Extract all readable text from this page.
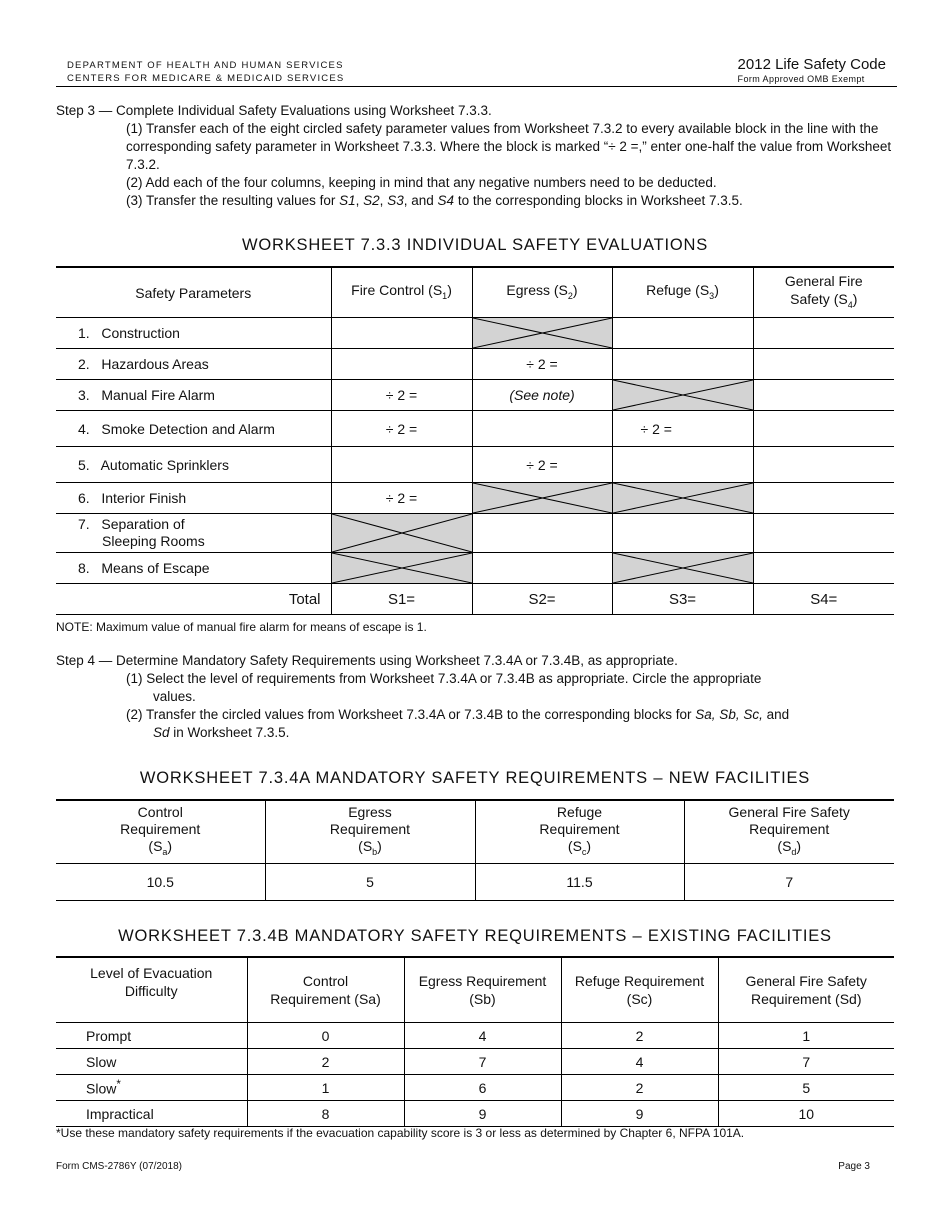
DEPARTMENT OF HEALTH AND HUMAN SERVICES
CENTERS FOR MEDICARE & MEDICAID SERVICES
2012 Life Safety Code
Form Approved OMB Exempt

Step 3 — Complete Individual Safety Evaluations using Worksheet 7.3.3.

(1) Transfer each of the eight circled safety parameter values from Worksheet 7.3.2 to every available block in the line with the corresponding safety parameter in Worksheet 7.3.3. Where the block is marked “÷ 2 =,” enter one-half the value from Worksheet 7.3.2.

(2) Add each of the four columns, keeping in mind that any negative numbers need to be deducted.

(3) Transfer the resulting values for S1, S2, S3, and S4 to the corresponding blocks in Worksheet 7.3.5.

WORKSHEET 7.3.3 INDIVIDUAL SAFETY EVALUATIONS
Safety Parameters	Fire Control $(S_1)$	Egress $(S_2)$	Refuge $(S_3)$	General Fire
Safety $(S_4)$
1. Construction		

2. Hazardous Areas		÷ 2 =		
3. Manual Fire Alarm	÷ 2 =	(See note)	

4. Smoke Detection and Alarm	÷ 2 =		÷ 2 =	
5. Automatic Sprinklers		÷ 2 =		
6. Interior Finish	÷ 2 =	

7. Separation of
Sleeping Rooms	

8. Means of Escape	

Total	S1=	S2=	S3=	S4=
NOTE: Maximum value of manual fire alarm for means of escape is 1.

Step 4 — Determine Mandatory Safety Requirements using Worksheet 7.3.4A or 7.3.4B, as appropriate.

(1) Select the level of requirements from Worksheet 7.3.4A or 7.3.4B as appropriate. Circle the appropriate

values.

(2) Transfer the circled values from Worksheet 7.3.4A or 7.3.4B to the corresponding blocks for Sa, Sb, Sc, and

Sd in Worksheet 7.3.5.

WORKSHEET 7.3.4A MANDATORY SAFETY REQUIREMENTS – NEW FACILITIES
Control
Requirement
$(S_a)$	Egress
Requirement
$(S_b)$	Refuge
Requirement
$(S_c)$	General Fire Safety
Requirement
$(S_d)$
10.5	5	11.5	7
WORKSHEET 7.3.4B MANDATORY SAFETY REQUIREMENTS – EXISTING FACILITIES
Level of Evacuation
Difficulty	Control
Requirement (Sa)	Egress Requirement
(Sb)	Refuge Requirement
(Sc)	General Fire Safety
Requirement (Sd)
Prompt	0	4	2	1
Slow	2	7	4	7
Slow*	1	6	2	5
Impractical	8	9	9	10
*Use these mandatory safety requirements if the evacuation capability score is 3 or less as determined by Chapter 6, NFPA 101A.
Form CMS-2786Y (07/2018)	Page 3
